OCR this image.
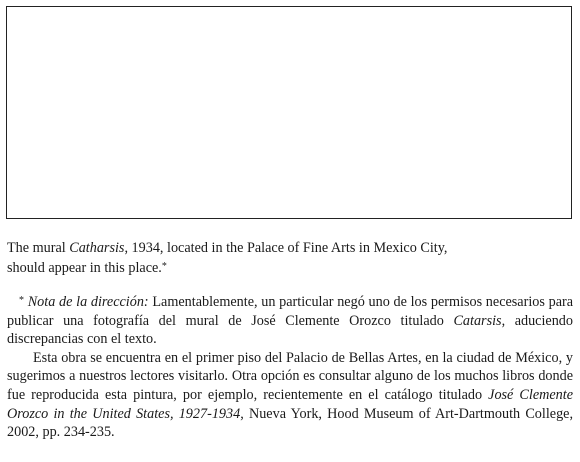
The mural Catharsis, 1934, located in the Palace of Fine Arts in Mexico City,
should appear in this place.*

* Nota de la dirección: Lamentablemente, un particular negó uno de los permisos necesarios para publicar una fotografía del mural de José Clemente Orozco titulado Catarsis, aduciendo discrepancias con el texto.

Esta obra se encuentra en el primer piso del Palacio de Bellas Artes, en la ciudad de México, y sugerimos a nuestros lectores visitarlo. Otra opción es consultar alguno de los muchos libros donde fue reproducida esta pintura, por ejemplo, recientemente en el catálogo titulado José Clemente Orozco in the United States, 1927-1934, Nueva York, Hood Museum of Art-Dartmouth College, 2002, pp. 234-235.
